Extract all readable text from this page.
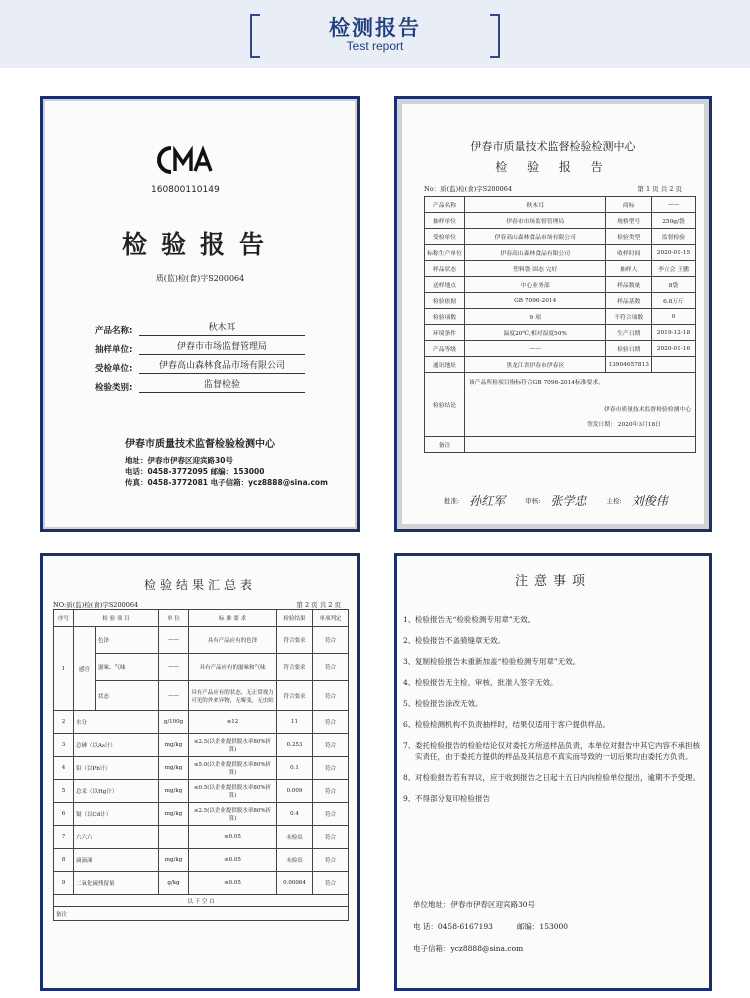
检测报告
Test report
160800110149
检验报告
质(监)检(食)字S200064
产品名称:	秋木耳
抽样单位:	伊春市市场监督管理局
受检单位:	伊春高山森林食品市场有限公司
检验类别:	监督检验
伊春市质量技术监督检验检测中心
地址：伊春市伊春区迎宾路30号
电话：0458-3772095 邮编：153000
传真：0458-3772081 电子信箱：ycz8888@sina.com
伊春市质量技术监督检验检测中心
检 验 报 告
No：质(监)检(食)字S200064	第 1 页 共 2 页
产品名称	秋木耳	商标	——
抽样单位	伊春市市场监督管理局	规格型号	250g/袋
受检单位	伊春高山森林食品市场有限公司	检验类型	监督检验
标称生产单位	伊春高山森林食品有限公司	收样时间	2020-01-15
样品状态	塑料袋 固态 完好	抽样人	李立会 王鹏
送样地点	中心业务部	样品数量	8袋
检验依据	GB 7096-2014	样品基数	6.8万斤
检验项数	9 项	不符合项数	0
环境条件	温度20℃,相对湿度50%	生产日期	2019-12-18
产品等级	——	检验日期	2020-01-16
通讯地址	黑龙江省伊春市伊春区	13904657813	
检验结论	该产品所检项目指标符合GB 7096-2014标准要求。
伊春市质量技术监督检验检测中心
签发日期： 2020年3月18日		

备注			
批准: 孙红军	审核: 张学忠	主检: 刘俊伟
检验结果汇总表
NO:质(监)检(食)字S200064	第 2 页 共 2 页
序号	检 验 项 目		单 位	标 准 要 求	检验结果	单项判定
1	感官	色泽	——	具有产品应有的色泽	符合要求	符合
		滋味、气味	——	具有产品应有的滋味和气味	符合要求	符合
		状态	——	具有产品应有的状态，无正常视力可见的外来异物，无霉变，无虫蛀	符合要求	符合
2	水分		g/100g	≤12	11	符合
3	总砷（以As计）		mg/kg	≤2.5(以企业提供脱水率80%折算)	0.253	符合
4	铅（以Pb计）		mg/kg	≤5.0(以企业提供脱水率80%折算)	0.1	符合
5	总汞（以Hg计）		mg/kg	≤0.5(以企业提供脱水率80%折算)	0.009	符合
6	镉（以Cd计）		mg/kg	≤2.5(以企业提供脱水率80%折算)	0.4	符合
7	六六六			≤0.05	未检出	符合
8	滴滴涕		mg/kg	≤0.05	未检出	符合
9	二氧化硫残留量		g/kg	≤0.05	0.00064	符合
以 下 空 白						
备注						
注意事项
1、 检验报告无“检验检测专用章”无效。
2、 检验报告不盖骑缝章无效。
3、 复制检验报告未重新加盖“检验检测专用章”无效。
4、 检验报告无主检、审核、批准人签字无效。
5、 检验报告涂改无效。
6、 检验检测机构不负责抽样时，结果仅适用于客户提供样品。
7、 委托检验报告的检验结论仅对委托方所送样品负责，本单位对报告中其它内容不承担核实责任，由于委托方提供的样品及其信息不真实而导致的一切后果均由委托方负责。
8、 对检验报告若有异议，应于收到报告之日起十五日内向检验单位提出，逾期不予受理。
9、 不得部分复印检验报告
单位地址：伊春市伊春区迎宾路30号
电 话：0458-6167193	邮编：153000
电子信箱：ycz8888@sina.com
